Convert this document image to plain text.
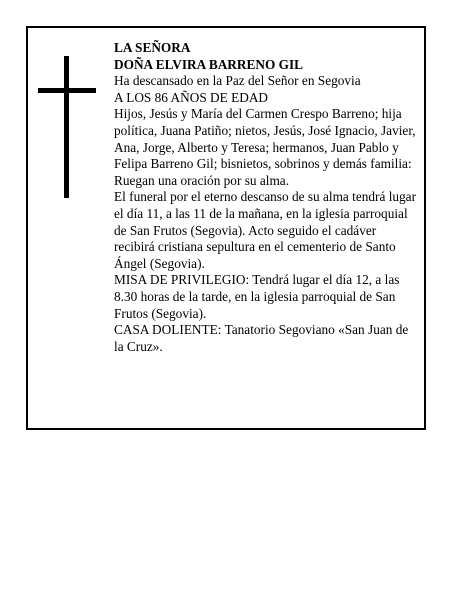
LA SEÑORA

DOÑA ELVIRA BARRENO GIL

Ha descansado en la Paz del Señor en Segovia

A LOS 86 AÑOS DE EDAD

Hijos, Jesús y María del Carmen Crespo Barreno; hija política, Juana Patiño; nietos, Jesús, José Ignacio, Javier, Ana, Jorge, Alberto y Teresa; hermanos, Juan Pablo y Felipa Barreno Gil; bisnietos, sobrinos y demás familia:

Ruegan una oración por su alma.

El funeral por el eterno descanso de su alma tendrá lugar el día 11, a las 11 de la mañana, en la iglesia parroquial de San Frutos (Segovia). Acto seguido el cadáver recibirá cristiana sepultura en el cementerio de Santo Ángel (Segovia).

MISA DE PRIVILEGIO: Tendrá lugar el día 12, a las 8.30 horas de la tarde, en la iglesia parroquial de San Frutos (Segovia).

CASA DOLIENTE: Tanatorio Segoviano «San Juan de la Cruz».
